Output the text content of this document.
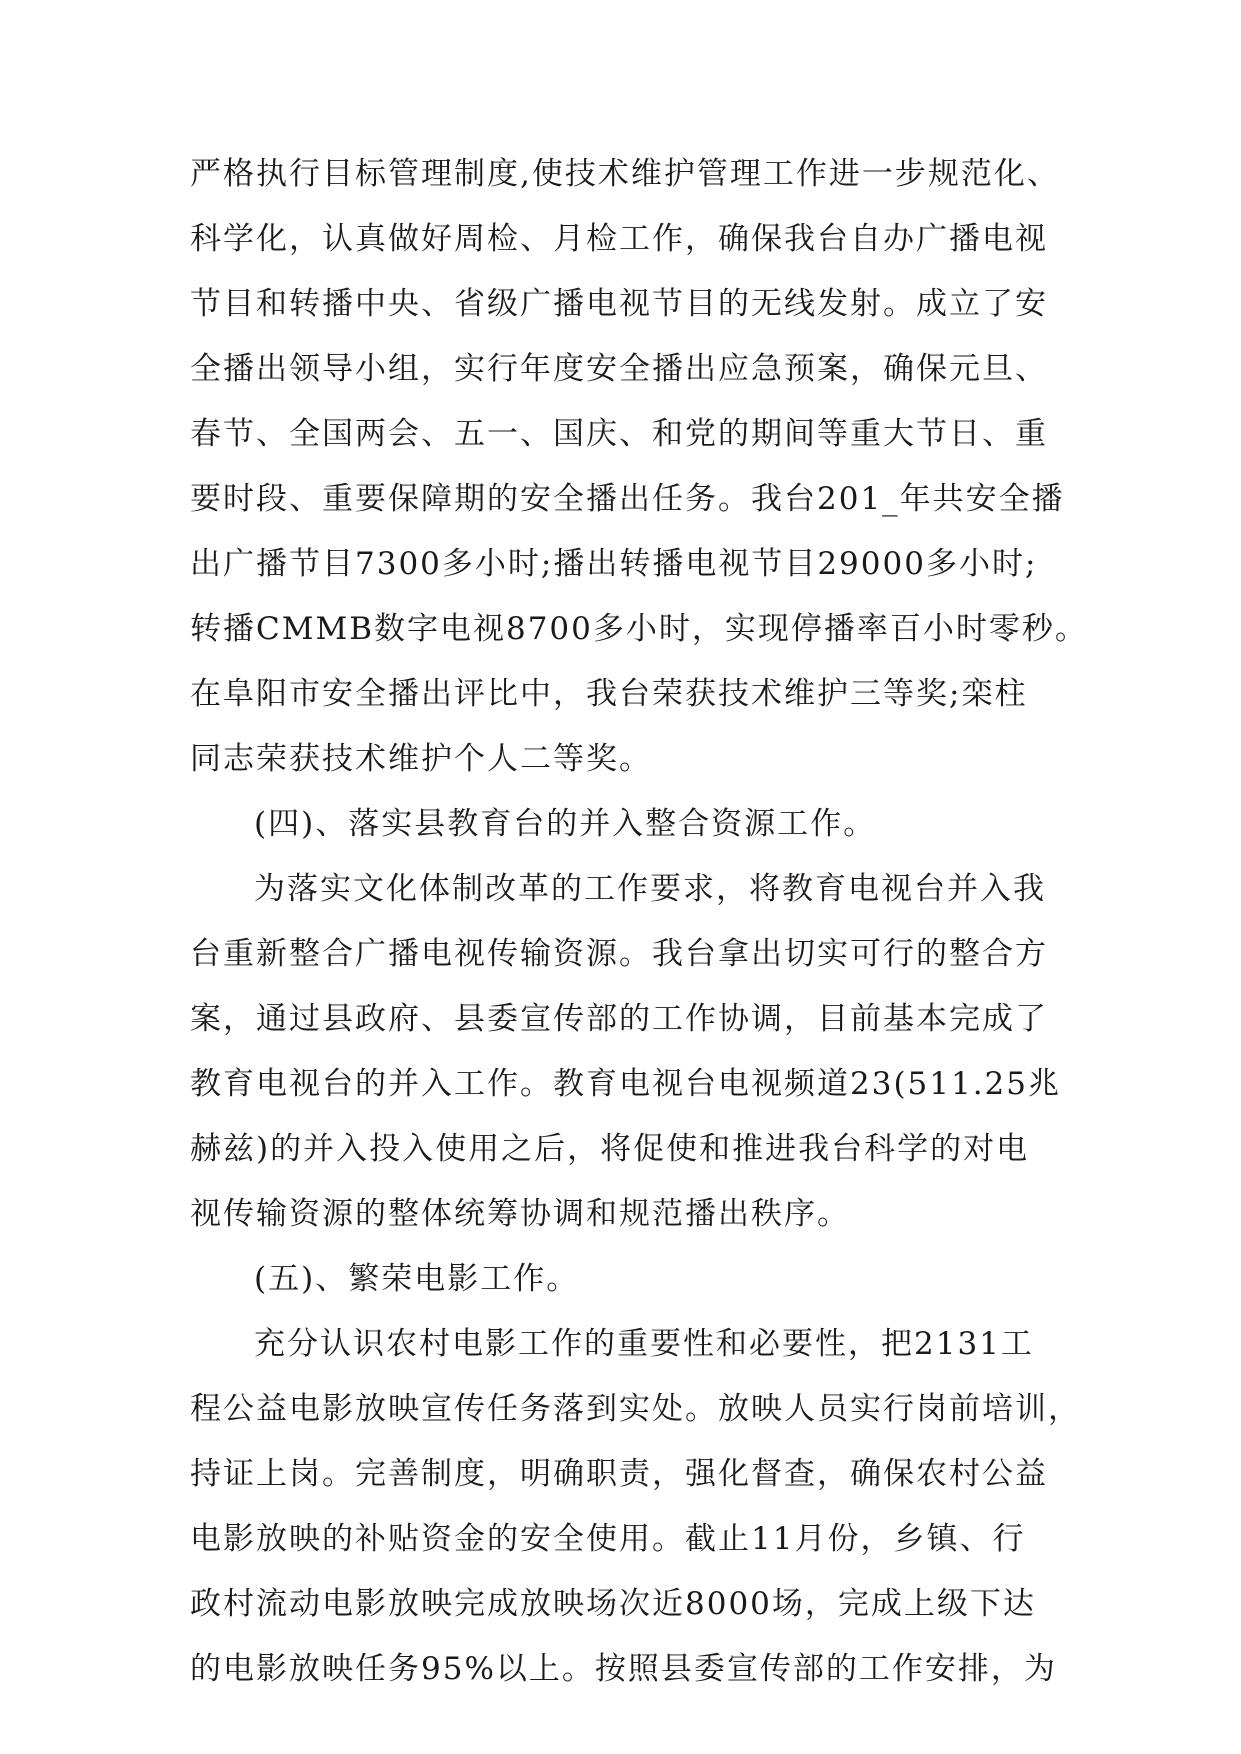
严格执行目标管理制度,使技术维护管理工作进一步规范化、
科学化，认真做好周检、月检工作，确保我台自办广播电视
节目和转播中央、省级广播电视节目的无线发射。成立了安
全播出领导小组，实行年度安全播出应急预案，确保元旦、
春节、全国两会、五一、国庆、和党的期间等重大节日、重
要时段、重要保障期的安全播出任务。我台201_年共安全播
出广播节目7300多小时;播出转播电视节目29000多小时;
转播CMMB数字电视8700多小时，实现停播率百小时零秒。
在阜阳市安全播出评比中，我台荣获技术维护三等奖;栾柱
同志荣获技术维护个人二等奖。
(四)、落实县教育台的并入整合资源工作。
为落实文化体制改革的工作要求，将教育电视台并入我
台重新整合广播电视传输资源。我台拿出切实可行的整合方
案，通过县政府、县委宣传部的工作协调，目前基本完成了
教育电视台的并入工作。教育电视台电视频道23(511.25兆
赫兹)的并入投入使用之后，将促使和推进我台科学的对电
视传输资源的整体统筹协调和规范播出秩序。
(五)、繁荣电影工作。
充分认识农村电影工作的重要性和必要性，把2131工
程公益电影放映宣传任务落到实处。放映人员实行岗前培训，
持证上岗。完善制度，明确职责，强化督查，确保农村公益
电影放映的补贴资金的安全使用。截止11月份，乡镇、行
政村流动电影放映完成放映场次近8000场，完成上级下达
的电影放映任务95%以上。按照县委宣传部的工作安排，为
